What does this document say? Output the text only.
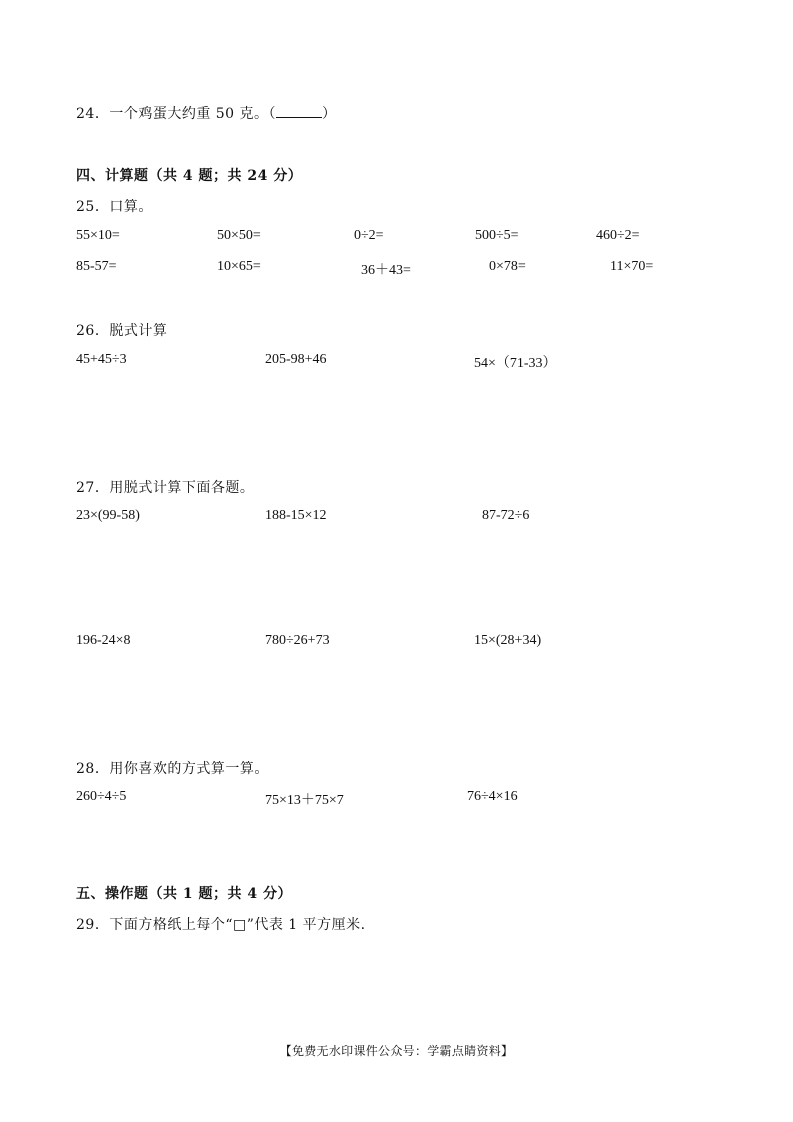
24．一个鸡蛋大约重 50 克。（	）
四、计算题（共 4 题；共 24 分）
25．口算。
55×10=	50×50=	0÷2=	500÷5=	460÷2=
85-57=	10×65=	36＋43=	0×78=	11×70=
26．脱式计算
45+45÷3	205-98+46	54×（71-33）
27．用脱式计算下面各题。
23×(99-58)	188-15×12	87-72÷6
196-24×8	780÷26+73	15×(28+34)
28．用你喜欢的方式算一算。
260÷4÷5	75×13＋75×7	76÷4×16
五、操作题（共 1 题；共 4 分）
29．下面方格纸上每个“□”代表 1 平方厘米.
【免费无水印课件公众号：学霸点睛资料】
